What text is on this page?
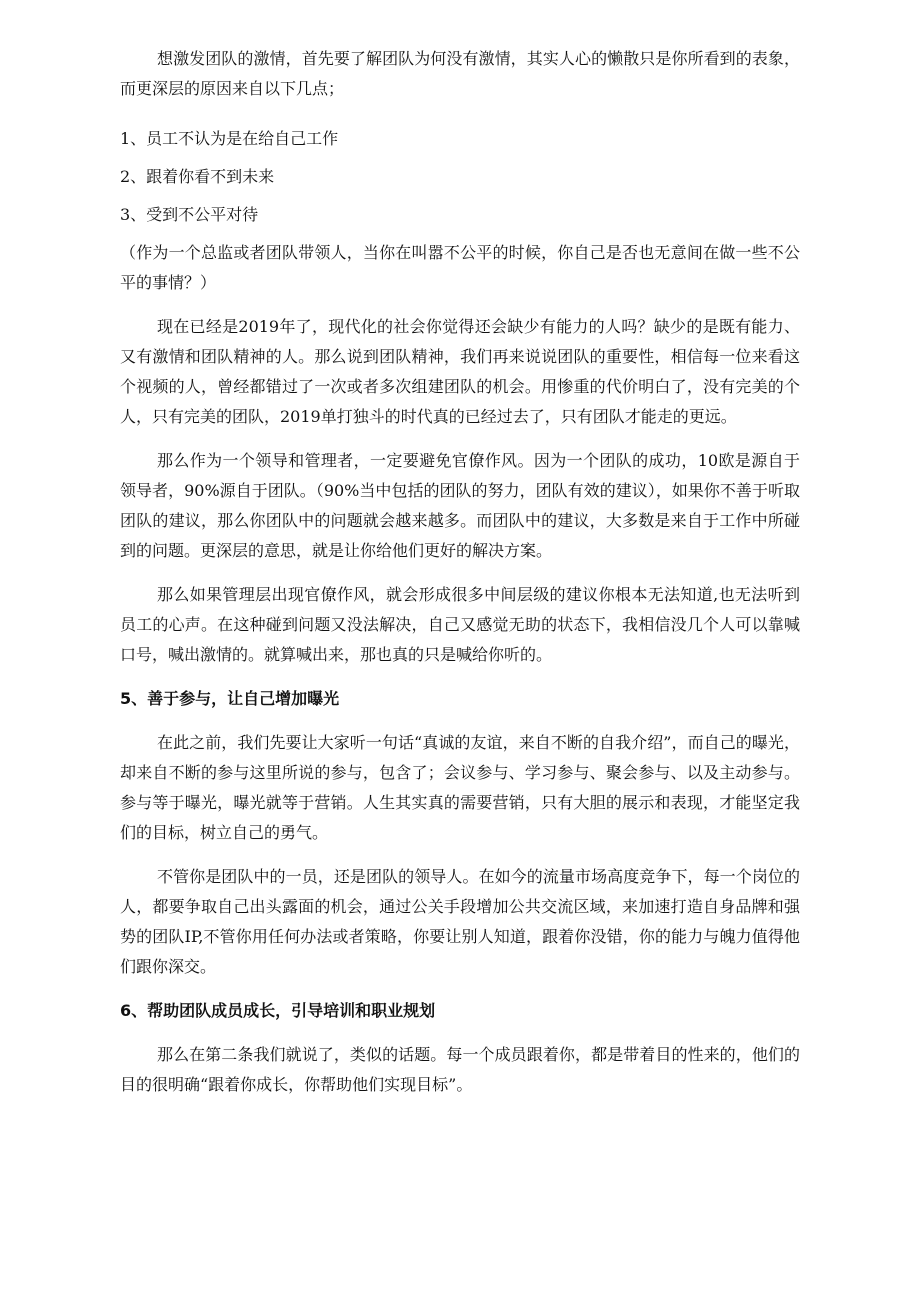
想激发团队的激情，首先要了解团队为何没有激情，其实人心的懒散只是你所看到的表象，而更深层的原因来自以下几点；

1、员工不认为是在给自己工作

2、跟着你看不到未来

3、受到不公平对待

（作为一个总监或者团队带领人，当你在叫嚣不公平的时候，你自己是否也无意间在做一些不公平的事情？）

现在已经是2019年了，现代化的社会你觉得还会缺少有能力的人吗？缺少的是既有能力、又有激情和团队精神的人。那么说到团队精神，我们再来说说团队的重要性，相信每一位来看这个视频的人，曾经都错过了一次或者多次组建团队的机会。用惨重的代价明白了，没有完美的个人，只有完美的团队，2019单打独斗的时代真的已经过去了，只有团队才能走的更远。

那么作为一个领导和管理者，一定要避免官僚作风。因为一个团队的成功，10欧是源自于领导者，90%源自于团队。（90%当中包括的团队的努力，团队有效的建议），如果你不善于听取团队的建议，那么你团队中的问题就会越来越多。而团队中的建议，大多数是来自于工作中所碰到的问题。更深层的意思，就是让你给他们更好的解决方案。

那么如果管理层出现官僚作风，就会形成很多中间层级的建议你根本无法知道,也无法听到员工的心声。在这种碰到问题又没法解决，自己又感觉无助的状态下，我相信没几个人可以靠喊口号，喊出激情的。就算喊出来，那也真的只是喊给你听的。

5、善于参与，让自己增加曝光

在此之前，我们先要让大家听一句话“真诚的友谊，来自不断的自我介绍”，而自己的曝光，却来自不断的参与这里所说的参与，包含了；会议参与、学习参与、聚会参与、以及主动参与。参与等于曝光，曝光就等于营销。人生其实真的需要营销，只有大胆的展示和表现，才能坚定我们的目标，树立自己的勇气。

不管你是团队中的一员，还是团队的领导人。在如今的流量市场高度竞争下，每一个岗位的人，都要争取自己出头露面的机会，通过公关手段增加公共交流区域，来加速打造自身品牌和强势的团队IP,不管你用任何办法或者策略，你要让别人知道，跟着你没错，你的能力与魄力值得他们跟你深交。

6、帮助团队成员成长，引导培训和职业规划

那么在第二条我们就说了，类似的话题。每一个成员跟着你，都是带着目的性来的，他们的目的很明确“跟着你成长，你帮助他们实现目标”。
